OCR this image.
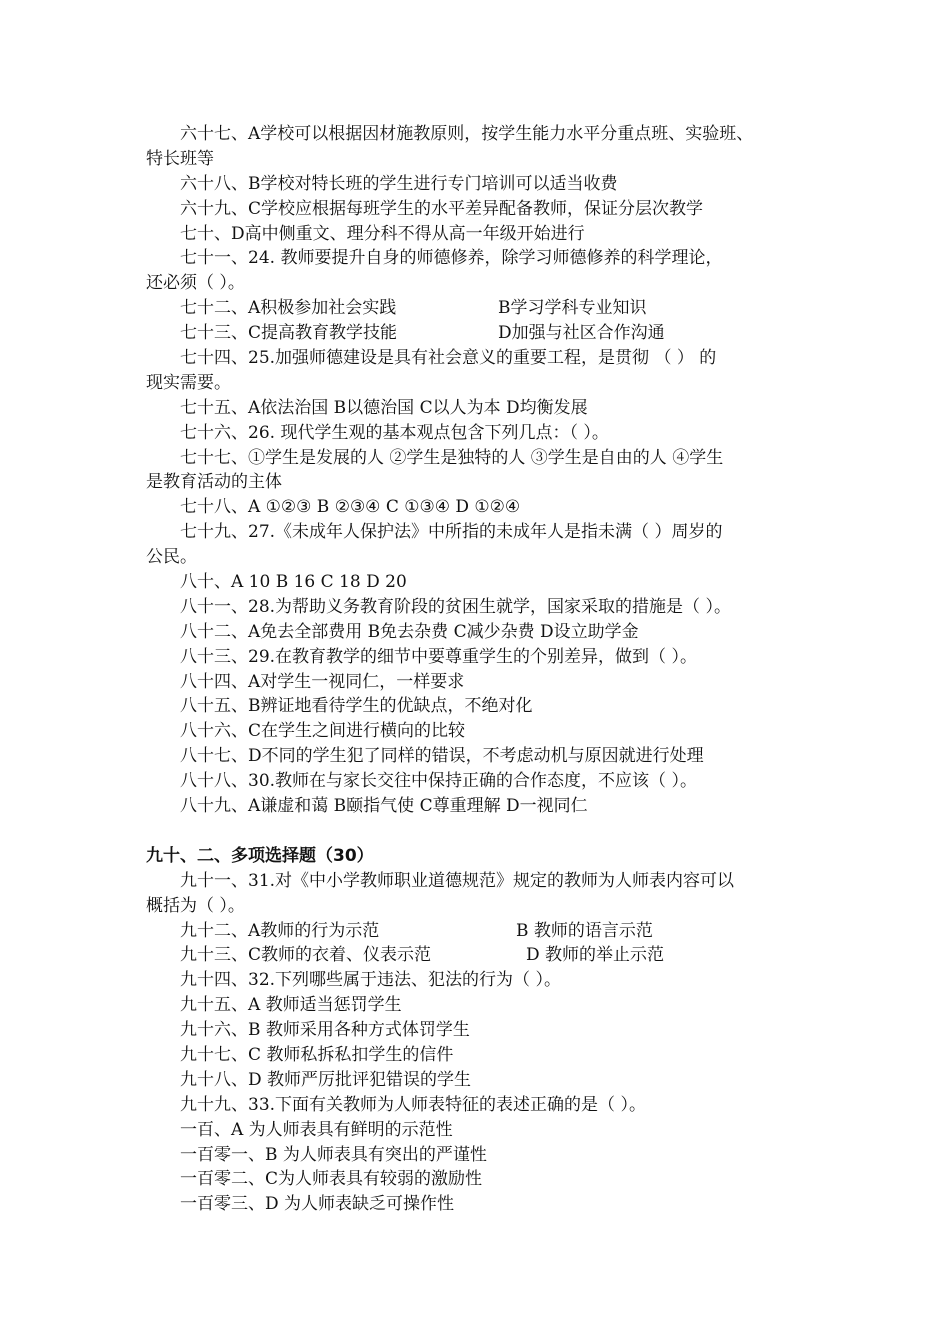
六十七、A学校可以根据因材施教原则，按学生能力水平分重点班、实验班、
特长班等
六十八、B学校对特长班的学生进行专门培训可以适当收费
六十九、C学校应根据每班学生的水平差异配备教师，保证分层次教学
七十、D高中侧重文、理分科不得从高一年级开始进行
七十一、24. 教师要提升自身的师德修养，除学习师德修养的科学理论，
还必须（ ）。
七十二、A积极参加社会实践	B学习学科专业知识
七十三、C提高教育教学技能	D加强与社区合作沟通
七十四、25.加强师德建设是具有社会意义的重要工程，是贯彻 （ ） 的
现实需要。
七十五、A依法治国 B以德治国 C以人为本 D均衡发展
七十六、26. 现代学生观的基本观点包含下列几点：（ ）。
七十七、①学生是发展的人 ②学生是独特的人 ③学生是自由的人 ④学生
是教育活动的主体
七十八、A ①②③ B ②③④ C ①③④ D ①②④
七十九、27.《未成年人保护法》中所指的未成年人是指未满（ ）周岁的
公民。
八十、A 10 B 16 C 18 D 20
八十一、28.为帮助义务教育阶段的贫困生就学，国家采取的措施是（ ）。
八十二、A免去全部费用 B免去杂费 C减少杂费 D设立助学金
八十三、29.在教育教学的细节中要尊重学生的个别差异，做到（ ）。
八十四、A对学生一视同仁，一样要求
八十五、B辨证地看待学生的优缺点，不绝对化
八十六、C在学生之间进行横向的比较
八十七、D不同的学生犯了同样的错误，不考虑动机与原因就进行处理
八十八、30.教师在与家长交往中保持正确的合作态度，不应该（ ）。
八十九、A谦虚和蔼 B颐指气使 C尊重理解 D一视同仁
九十、二、多项选择题（30）
九十一、31.对《中小学教师职业道德规范》规定的教师为人师表内容可以
概括为（ ）。
九十二、A教师的行为示范	B 教师的语言示范
九十三、C教师的衣着、仪表示范	D 教师的举止示范
九十四、32.下列哪些属于违法、犯法的行为（ ）。
九十五、A 教师适当惩罚学生
九十六、B 教师采用各种方式体罚学生
九十七、C 教师私拆私扣学生的信件
九十八、D 教师严厉批评犯错误的学生
九十九、33.下面有关教师为人师表特征的表述正确的是（ ）。
一百、A 为人师表具有鲜明的示范性
一百零一、B 为人师表具有突出的严谨性
一百零二、C为人师表具有较弱的激励性
一百零三、D 为人师表缺乏可操作性
